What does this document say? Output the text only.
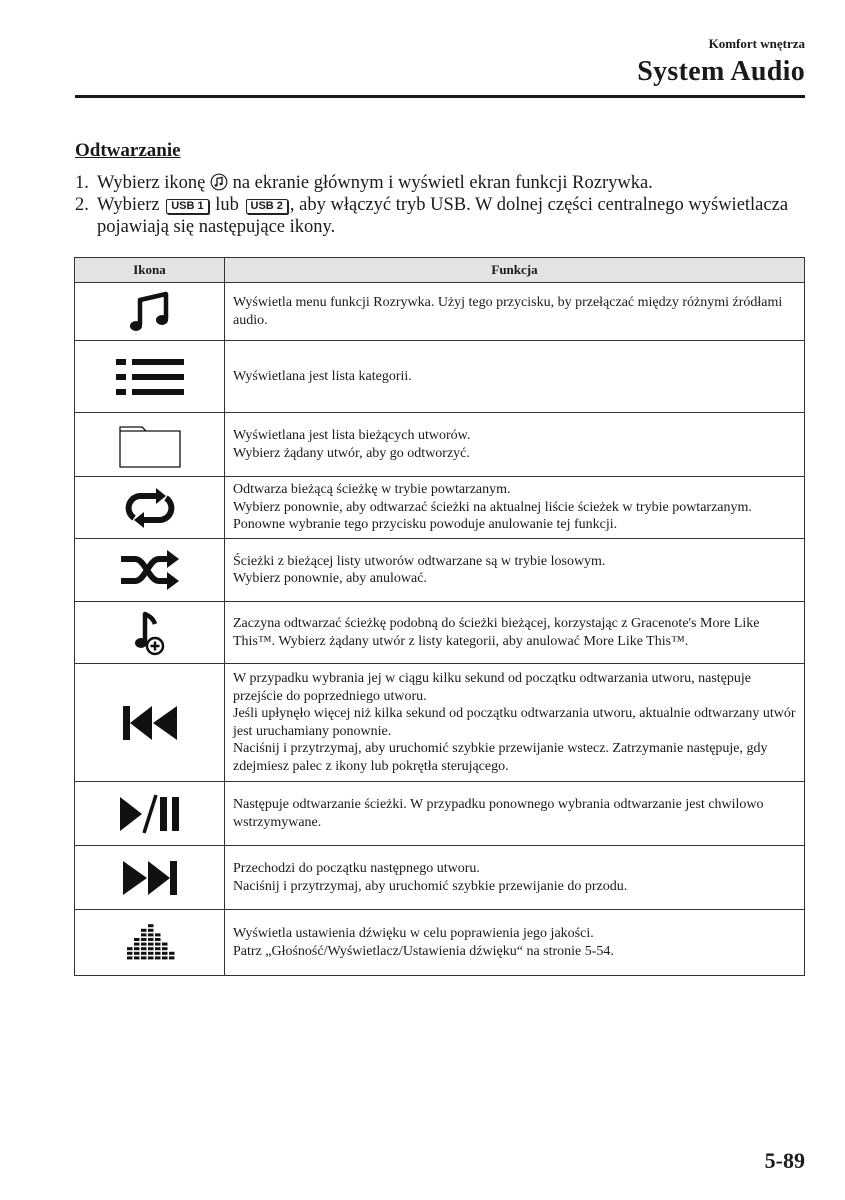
Komfort wnętrza
System Audio
Odtwarzanie
1. Wybierz ikonę na ekranie głównym i wyświetl ekran funkcji Rozrywka.
2. Wybierz USB 1 lub USB 2 , aby włączyć tryb USB. W dolnej części centralnego wyświetlacza pojawiają się następujące ikony.
Ikona	Funkcja

Wyświetla menu funkcji Rozrywka. Użyj tego przycisku, by przełączać między różnymi źródłami audio.

Wyświetlana jest lista kategorii.

Wyświetlana jest lista bieżących utworów.
Wybierz żądany utwór, aby go odtworzyć.

Odtwarza bieżącą ścieżkę w trybie powtarzanym.
Wybierz ponownie, aby odtwarzać ścieżki na aktualnej liście ścieżek w trybie powtarzanym.
Ponowne wybranie tego przycisku powoduje anulowanie tej funkcji.

Ścieżki z bieżącej listy utworów odtwarzane są w trybie losowym.
Wybierz ponownie, aby anulować.

Zaczyna odtwarzać ścieżkę podobną do ścieżki bieżącej, korzystając z Gracenote's More Like This™. Wybierz żądany utwór z listy kategorii, aby anulować More Like This™.

W przypadku wybrania jej w ciągu kilku sekund od początku odtwarzania utworu, następuje przejście do poprzedniego utworu.
Jeśli upłynęło więcej niż kilka sekund od początku odtwarzania utworu, aktualnie odtwarzany utwór jest uruchamiany ponownie.
Naciśnij i przytrzymaj, aby uruchomić szybkie przewijanie wstecz. Zatrzymanie następuje, gdy zdejmiesz palec z ikony lub pokrętła sterującego.

Następuje odtwarzanie ścieżki. W przypadku ponownego wybrania odtwarzanie jest chwilowo wstrzymywane.

Przechodzi do początku następnego utworu.
Naciśnij i przytrzymaj, aby uruchomić szybkie przewijanie do przodu.

Wyświetla ustawienia dźwięku w celu poprawienia jego jakości.
Patrz „Głośność/Wyświetlacz/Ustawienia dźwięku“ na stronie 5-54.
5-89
